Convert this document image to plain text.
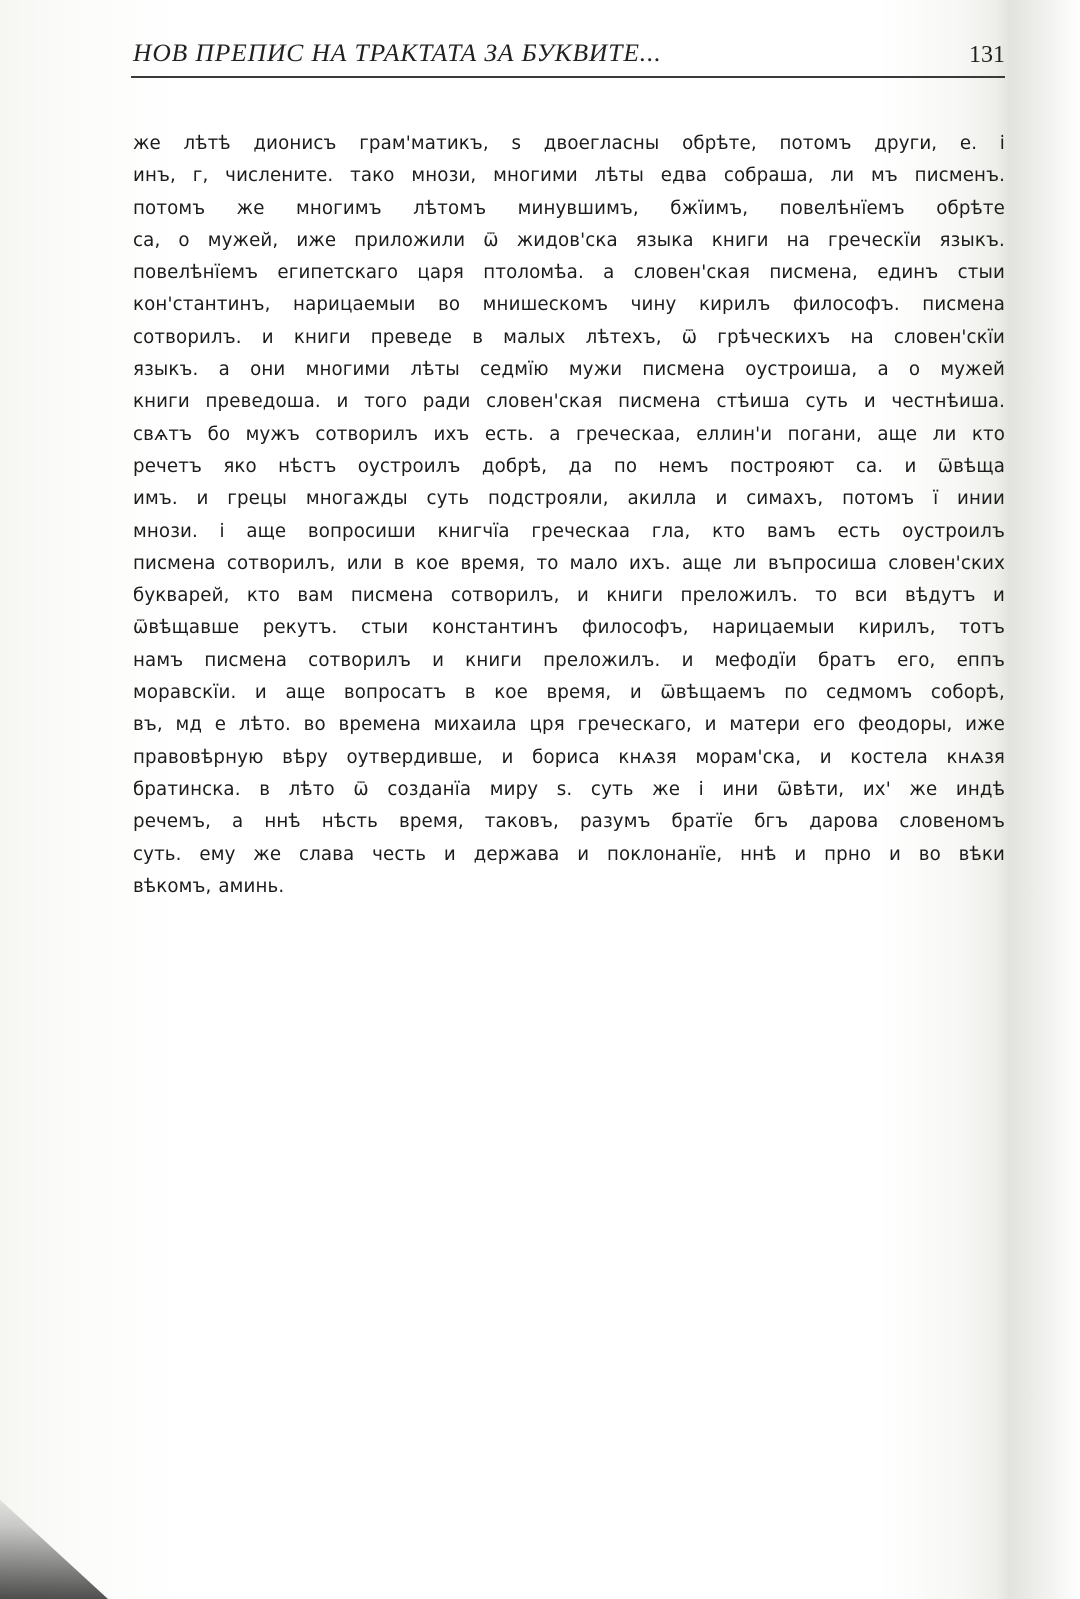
НОВ ПРЕПИС НА ТРАКТАТА ЗА БУКВИТЕ...	131
же лѣтѣ дионисъ грам'матикъ, ѕ двоегласны обрѣте, потомъ други, е. і
инъ, г, числените. тако мнози, многими лѣты едва собраша, ли мъ писменъ.
потомъ же многимъ лѣтомъ минувшимъ, бжїимъ, повелѣнїемъ обрѣте
са, о мужей, иже приложили ѿ жидов'ска языка книги на греческїи языкъ.
повелѣнїемъ египетскаго царя птоломѣа. а словен'ская писмена, единъ стыи
кон'стантинъ, нарицаемыи во мнишескомъ чину кирилъ философъ. писмена
сотворилъ. и книги преведе в малых лѣтехъ, ѿ грѣческихъ на словен'скїи
языкъ. а они многими лѣты седмїю мужи писмена оустроиша, а о мужей
книги преведоша. и того ради словен'ская писмена стѣиша суть и честнѣиша.
свѧтъ бо мужъ сотворилъ ихъ есть. а греческаа, еллин'и погани, аще ли кто
речетъ яко нѣстъ оустроилъ добрѣ, да по немъ построяют са. и ѿвѣща
имъ. и грецы многажды суть подстрояли, акилла и симахъ, потомъ ї инии
мнози. і аще вопросиши книгчїа греческаа гла, кто вамъ есть оустроилъ
писмена сотворилъ, или в кое время, то мало ихъ. аще ли въпросиша словен'ских
букварей, кто вам писмена сотворилъ, и книги преложилъ. то вси вѣдутъ и
ѿвѣщавше рекутъ. стыи константинъ философъ, нарицаемыи кирилъ, тотъ
намъ писмена сотворилъ и книги преложилъ. и мефодїи братъ его, еппъ
моравскїи. и аще вопросатъ в кое время, и ѿвѣщаемъ по седмомъ соборѣ,
въ, мд е лѣто. во времена михаила цря греческаго, и матери его феодоры, иже
правовѣрную вѣру оутвердивше, и бориса кнѧзя морам'ска, и костела кнѧзя
братинска. в лѣто ѿ созданїа миру ѕ. суть же і ини ѿвѣти, их' же индѣ
речемъ, а ннѣ нѣсть время, таковъ, разумъ братїе бгъ дарова словеномъ
суть. ему же слава честь и держава и поклонанїе, ннѣ и прно и во вѣки
вѣкомъ, аминь.
